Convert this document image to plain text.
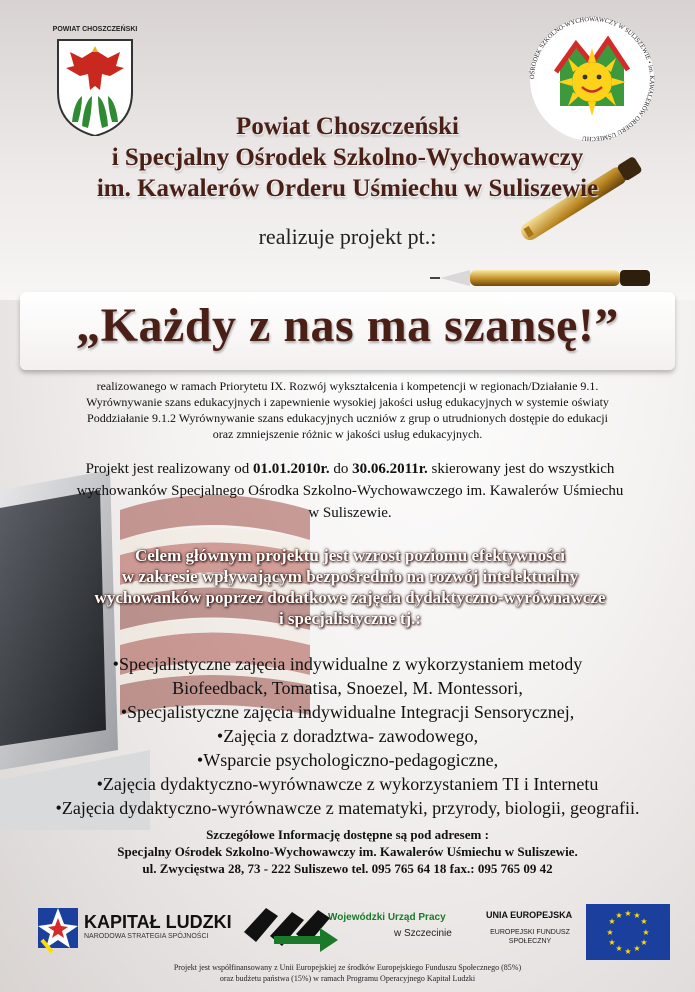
POWIAT CHOSZCZEŃSKI
OŚRODEK SZKOLNO-WYCHOWAWCZY W SULISZEWIE • im. KAWALERÓW ORDERU UŚMIECHU
Powiat Choszczeński
i Specjalny Ośrodek Szkolno-Wychowawczy
im. Kawalerów Orderu Uśmiechu w Suliszewie
realizuje projekt pt.:
„Każdy z nas ma szansę!”
realizowanego w ramach Priorytetu IX. Rozwój wykształcenia i kompetencji w regionach/Działanie 9.1.
Wyrównywanie szans edukacyjnych i zapewnienie wysokiej jakości usług edukacyjnych w systemie oświaty
Poddziałanie 9.1.2 Wyrównywanie szans edukacyjnych uczniów z grup o utrudnionych dostępie do edukacji
oraz zmniejszenie różnic w jakości usług edukacyjnych.
Projekt jest realizowany od 01.01.2010r. do 30.06.2011r. skierowany jest do wszystkich
wychowanków Specjalnego Ośrodka Szkolno-Wychowawczego im. Kawalerów Uśmiechu
w Suliszewie.
Celem głównym projektu jest wzrost poziomu efektywności
w zakresie wpływającym bezpośrednio na rozwój intelektualny
wychowanków poprzez dodatkowe zajęcia dydaktyczno-wyrównawcze
i specjalistyczne tj.:
•Specjalistyczne zajęcia indywidualne z wykorzystaniem metody
Biofeedback, Tomatisa, Snoezel, M. Montessori,
•Specjalistyczne zajęcia indywidualne Integracji Sensorycznej,
•Zajęcia z doradztwa- zawodowego,
•Wsparcie psychologiczno-pedagogiczne,
•Zajęcia dydaktyczno-wyrównawcze z wykorzystaniem TI i Internetu
•Zajęcia dydaktyczno-wyrównawcze z matematyki, przyrody, biologii, geografii.
Szczegółowe Informację dostępne są pod adresem :
Specjalny Ośrodek Szkolno-Wychowawczy im. Kawalerów Uśmiechu w Suliszewie.
ul. Zwycięstwa 28, 73 - 222 Suliszewo tel. 095 765 64 18 fax.: 095 765 09 42
KAPITAŁ LUDZKI
NARODOWA STRATEGIA SPÓJNOŚCI
Wojewódzki Urząd Pracy
w Szczecinie
UNIA EUROPEJSKA
EUROPEJSKI FUNDUSZ SPOŁECZNY
★ ★
★
★
★
★
★
★
★
★
★
★
Projekt jest współfinansowany z Unii Europejskiej ze środków Europejskiego Funduszu Społecznego (85%)
oraz budżetu państwa (15%) w ramach Programu Operacyjnego Kapitał Ludzki
